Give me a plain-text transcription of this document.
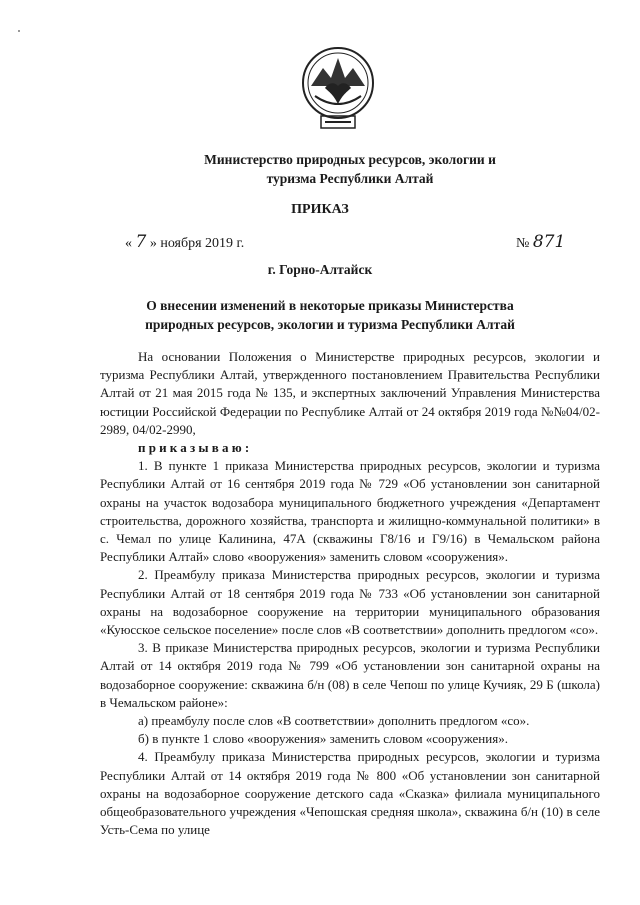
Министерство природных ресурсов, экологии и
туризма Республики Алтай
ПРИКАЗ
« 7 » ноября 2019 г.	№ 871
г. Горно-Алтайск
О внесении изменений в некоторые приказы Министерства
природных ресурсов, экологии и туризма Республики Алтай

На основании Положения о Министерстве природных ресурсов, экологии и туризма Республики Алтай, утвержденного постановлением Правительства Республики Алтай от 21 мая 2015 года № 135, и экспертных заключений Управления Министерства юстиции Российской Федерации по Республике Алтай от 24 октября 2019 года №№04/02-2989, 04/02-2990,

приказываю:

1. В пункте 1 приказа Министерства природных ресурсов, экологии и туризма Республики Алтай от 16 сентября 2019 года № 729 «Об установлении зон санитарной охраны на участок водозабора муниципального бюджетного учреждения «Департамент строительства, дорожного хозяйства, транспорта и жилищно-коммунальной политики» в с. Чемал по улице Калинина, 47А (скважины Г8/16 и Г9/16) в Чемальском района Республики Алтай» слово «вооружения» заменить словом «сооружения».

2. Преамбулу приказа Министерства природных ресурсов, экологии и туризма Республики Алтай от 18 сентября 2019 года № 733 «Об установлении зон санитарной охраны на водозаборное сооружение на территории муниципального образования «Куюсское сельское поселение» после слов «В соответствии» дополнить предлогом «со».

3. В приказе Министерства природных ресурсов, экологии и туризма Республики Алтай от 14 октября 2019 года № 799 «Об установлении зон санитарной охраны на водозаборное сооружение: скважина б/н (08) в селе Чепош по улице Кучияк, 29 Б (школа) в Чемальском районе»:

а) преамбулу после слов «В соответствии» дополнить предлогом «со».

б) в пункте 1 слово «вооружения» заменить словом «сооружения».

4. Преамбулу приказа Министерства природных ресурсов, экологии и туризма Республики Алтай от 14 октября 2019 года № 800 «Об установлении зон санитарной охраны на водозаборное сооружение детского сада «Сказка» филиала муниципального общеобразовательного учреждения «Чепошская средняя школа», скважина б/н (10) в селе Усть-Сема по улице
